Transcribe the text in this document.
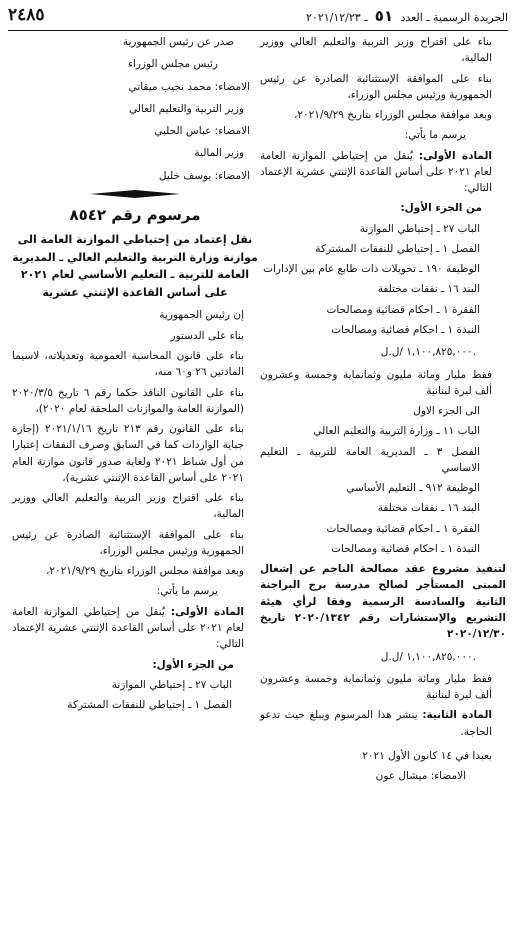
الجريدة الرسمية ـ العدد ٥١ ـ ٢٠٢١/١٢/٢٣
٢٤٨٥

بناء على اقتراح وزير التربية والتعليم العالي ووزير المالية،

بناء على الموافقة الإستثنائية الصادرة عن رئيس الجمهورية ورئيس مجلس الوزراء،

وبعد موافقة مجلس الوزراء بتاريخ ٢٠٢١/٩/٢٩،

يرسم ما يأتي:

المادة الأولى: يُنقل من إحتياطي الموازنة العامة لعام ٢٠٢١ على أساس القاعدة الإثنتي عشرية الإعتماد التالي:

من الجزء الأول:

الباب ٢٧ ـ إحتياطي الموازنة

الفصل ١ ـ إحتياطي للنفقات المشتركة

الوظيفة ١٩٠ ـ تحويلات ذات طابع عام بين الإدارات

البند ١٦ ـ نفقات مختلفة

الفقرة ١ ـ احكام قضائية ومصالحات

النبذة ١ ـ احكام قضائية ومصالحات

١,١٠٠,٨٢٥,٠٠٠ /ل.ل.

فقط مليار ومائة مليون وثمانماية وخمسة وعشرون ألف ليرة لبنانية

الى الجزء الاول

الباب ١١ ـ وزارة التربية والتعليم العالي

الفصل ٣ ـ المديرية العامة للتربية ـ التعليم الاساسي

الوظيفة ٩١٢ ـ التعليم الأساسي

البند ١٦ ـ نفقات مختلفة

الفقرة ١ ـ احكام قضائية ومصالحات

النبذة ١ ـ احكام قضائية ومصالحات

لتنفيذ مشروع عقد مصالحة الناجم عن إشغال المبنى المستأجر لصالح مدرسة برج البراجنة الثانية والسادسة الرسمية وفقا لرأي هيئة التشريع والإستشارات رقم ٢٠٢٠/١٣٤٢ تاريخ ٢٠٢٠/١٢/٣٠

١,١٠٠,٨٢٥,٠٠٠ /ل.ل.

فقط مليار ومائة مليون وثمانماية وخمسة وعشرون ألف ليرة لبنانية

المادة الثانية: ينشر هذا المرسوم ويبلغ حيث تدعو الحاجة.

بعبدا في ١٤ كانون الأول ٢٠٢١

الامضاء: ميشال عون

صدر عن رئيس الجمهورية

رئيس مجلس الوزراء

الامضاء: محمد نجيب ميقاتي

وزير التربية والتعليم العالي

الامضاء: عباس الحلبي

وزير المالية

الامضاء: يوسف خليل

مرسوم رقم ٨٥٤٢
نقل إعتماد من إحتياطي الموازنة العامة الى موازنة وزارة التربية والتعليم العالي ـ المديرية العامة للتربية ـ التعليم الأساسي لعام ٢٠٢١ على أساس القاعدة الإثنتي عشرية

إن رئيس الجمهورية

بناء على الدستور

بناء على قانون المحاسبة العمومية وتعديلاته، لاسيما المادتين ٢٦ و٦٠ منه،

بناء على القانون النافذ حكما رقم ٦ تاريخ ٢٠٢٠/٣/٥ (الموازنة العامة والموازنات الملحقة لعام ٢٠٢٠)،

بناء على القانون رقم ٢١٣ تاريخ ٢٠٢١/١/١٦ (إجازة جباية الواردات كما في السابق وصرف النفقات إعتبارا من أول شباط ٢٠٢١ ولغاية صدور قانون موازنة العام ٢٠٢١ على أساس القاعدة الإثنتي عشرية)،

بناء على اقتراح وزير التربية والتعليم العالي ووزير المالية،

بناء على الموافقة الإستثنائية الصادرة عن رئيس الجمهورية ورئيس مجلس الوزراء،

وبعد موافقة مجلس الوزراء بتاريخ ٢٠٢١/٩/٢٩،

يرسم ما يأتي:

المادة الأولى: يُنقل من إحتياطي الموازنة العامة لعام ٢٠٢١ على أساس القاعدة الإثنتي عشرية الإعتماد التالي:

من الجزء الأول:

الباب ٢٧ ـ إحتياطي الموازنة

الفصل ١ ـ إحتياطي للنفقات المشتركة
